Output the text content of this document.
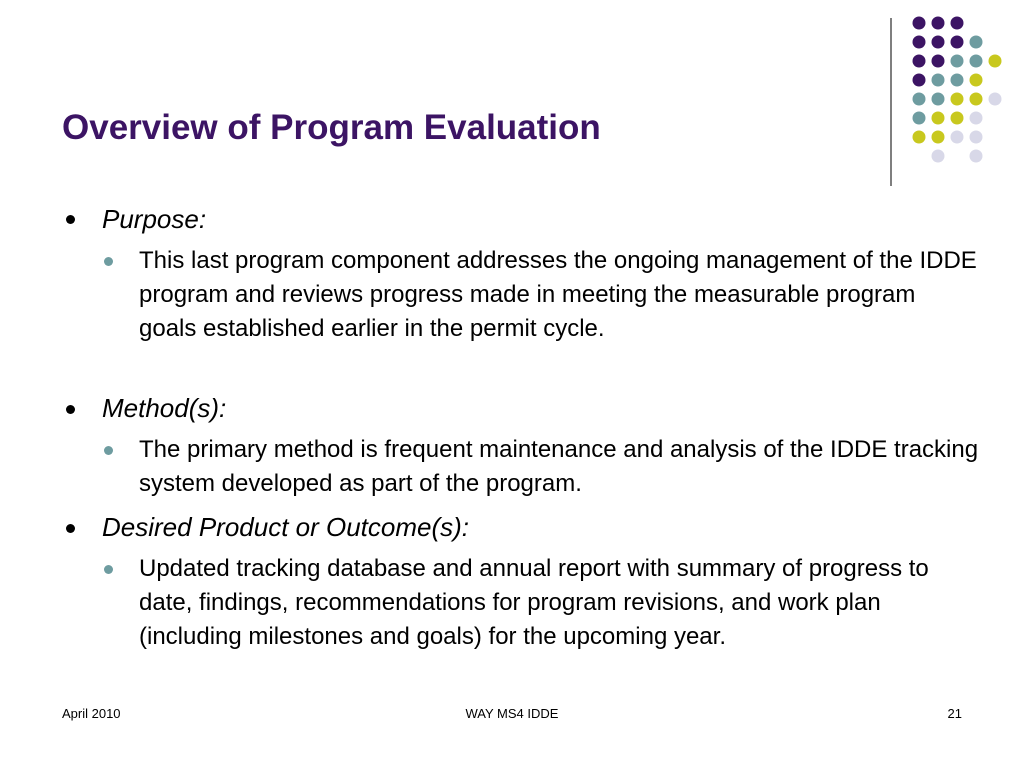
Overview of Program Evaluation
Purpose:
This last program component addresses the ongoing management of the IDDE program and reviews progress made in meeting the measurable program goals established earlier in the permit cycle.
Method(s):
The primary method is frequent maintenance and analysis of the IDDE tracking system developed as part of the program.
Desired Product or Outcome(s):
Updated tracking database and annual report with summary of progress to date, findings, recommendations for program revisions, and work plan (including milestones and goals) for the upcoming year.
April 2010	WAY MS4 IDDE	21
